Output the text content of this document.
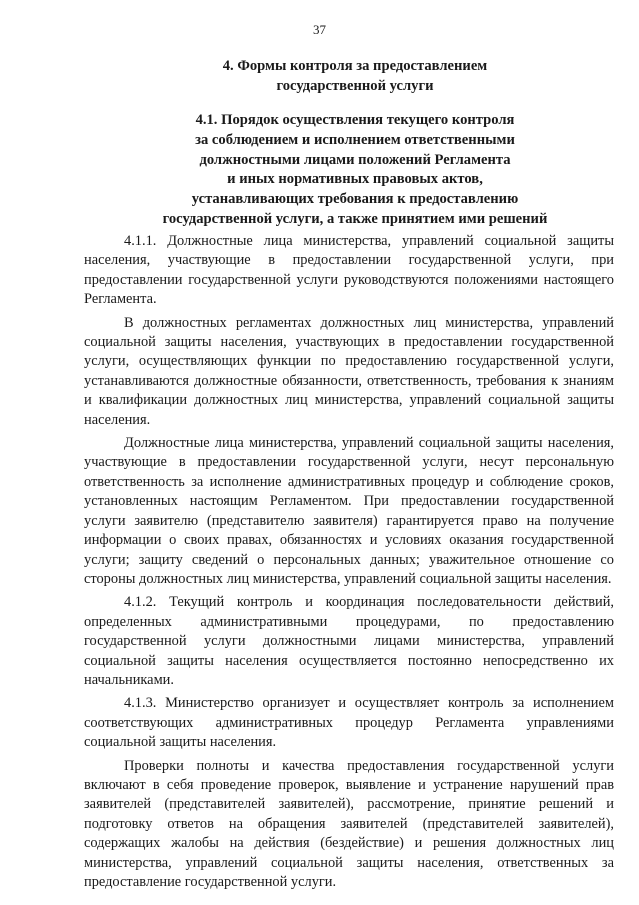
37
4. Формы контроля за предоставлением
государственной услуги
4.1. Порядок осуществления текущего контроля
за соблюдением и исполнением ответственными
должностными лицами положений Регламента
и иных нормативных правовых актов,
устанавливающих требования к предоставлению
государственной услуги, а также принятием ими решений

4.1.1. Должностные лица министерства, управлений социальной защиты населения, участвующие в предоставлении государственной услуги, при предоставлении государственной услуги руководствуются положениями настоящего Регламента.

В должностных регламентах должностных лиц министерства, управлений социальной защиты населения, участвующих в предоставлении государственной услуги, осуществляющих функции по предоставлению государственной услуги, устанавливаются должностные обязанности, ответственность, требования к знаниям и квалификации должностных лиц министерства, управлений социальной защиты населения.

Должностные лица министерства, управлений социальной защиты населения, участвующие в предоставлении государственной услуги, несут персональную ответственность за исполнение административных процедур и соблюдение сроков, установленных настоящим Регламентом. При предоставлении государственной услуги заявителю (представителю заявителя) гарантируется право на получение информации о своих правах, обязанностях и условиях оказания государственной услуги; защиту сведений о персональных данных; уважительное отношение со стороны должностных лиц министерства, управлений социальной защиты населения.

4.1.2. Текущий контроль и координация последовательности действий, определенных административными процедурами, по предоставлению государственной услуги должностными лицами министерства, управлений социальной защиты населения осуществляется постоянно непосредственно их начальниками.

4.1.3. Министерство организует и осуществляет контроль за исполнением соответствующих административных процедур Регламента управлениями социальной защиты населения.

Проверки полноты и качества предоставления государственной услуги включают в себя проведение проверок, выявление и устранение нарушений прав заявителей (представителей заявителей), рассмотрение, принятие решений и подготовку ответов на обращения заявителей (представителей заявителей), содержащих жалобы на действия (бездействие) и решения должностных лиц министерства, управлений социальной защиты населения, ответственных за предоставление государственной услуги.
